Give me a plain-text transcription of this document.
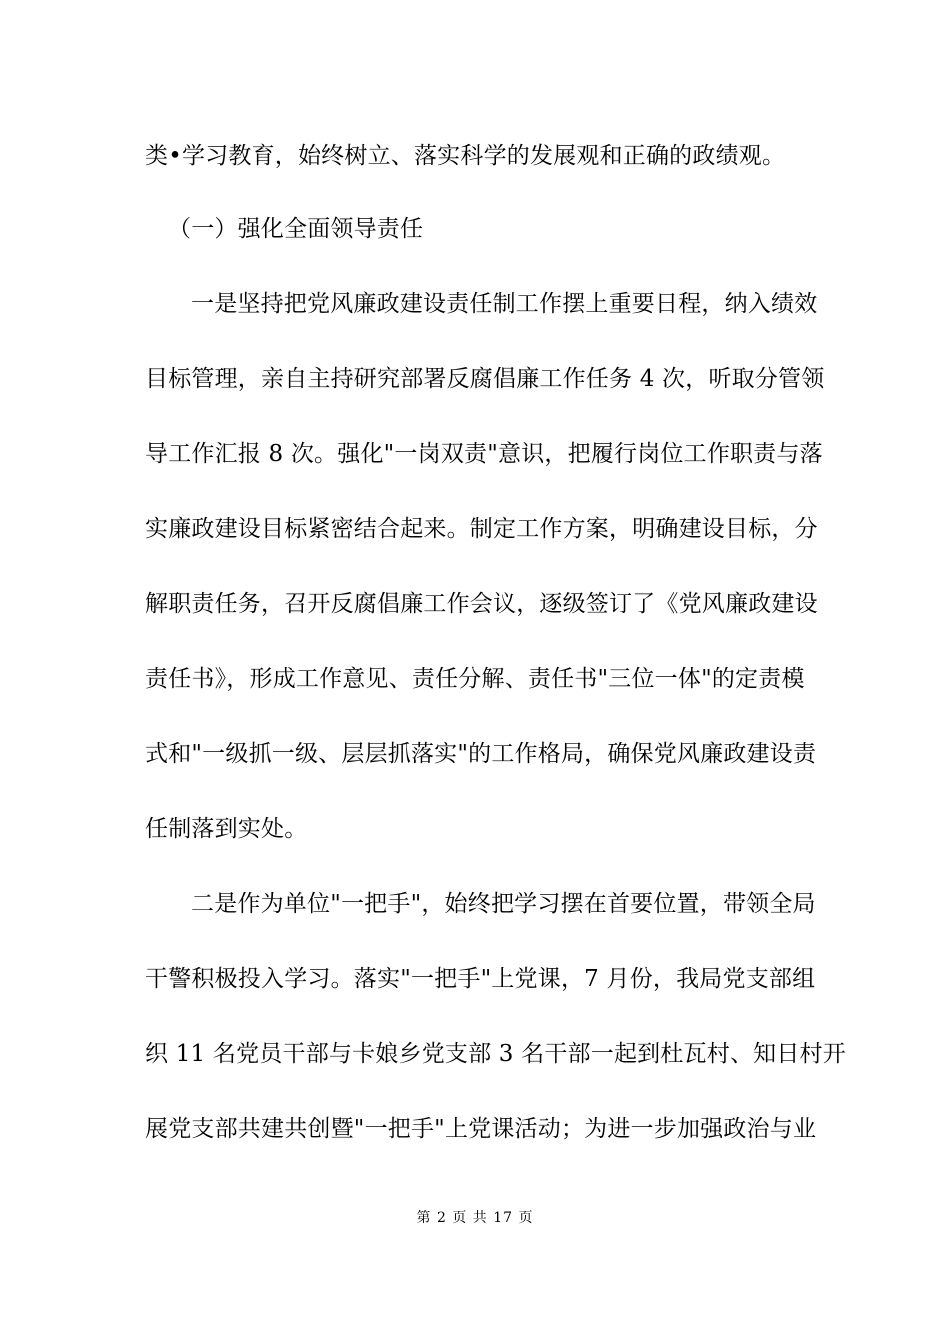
类•学习教育，始终树立、落实科学的发展观和正确的政绩观。
（一）强化全面领导责任
一是坚持把党风廉政建设责任制工作摆上重要日程，纳入绩效
目标管理，亲自主持研究部署反腐倡廉工作任务 4 次，听取分管领
导工作汇报 8 次。强化"一岗双责"意识，把履行岗位工作职责与落
实廉政建设目标紧密结合起来。制定工作方案，明确建设目标，分
解职责任务，召开反腐倡廉工作会议，逐级签订了《党风廉政建设
责任书》，形成工作意见、责任分解、责任书"三位一体"的定责模
式和"一级抓一级、层层抓落实"的工作格局，确保党风廉政建设责
任制落到实处。
二是作为单位"一把手"，始终把学习摆在首要位置，带领全局
干警积极投入学习。落实"一把手"上党课，7 月份，我局党支部组
织 11 名党员干部与卡娘乡党支部 3 名干部一起到杜瓦村、知日村开
展党支部共建共创暨"一把手"上党课活动；为进一步加强政治与业
第 2 页 共 17 页
